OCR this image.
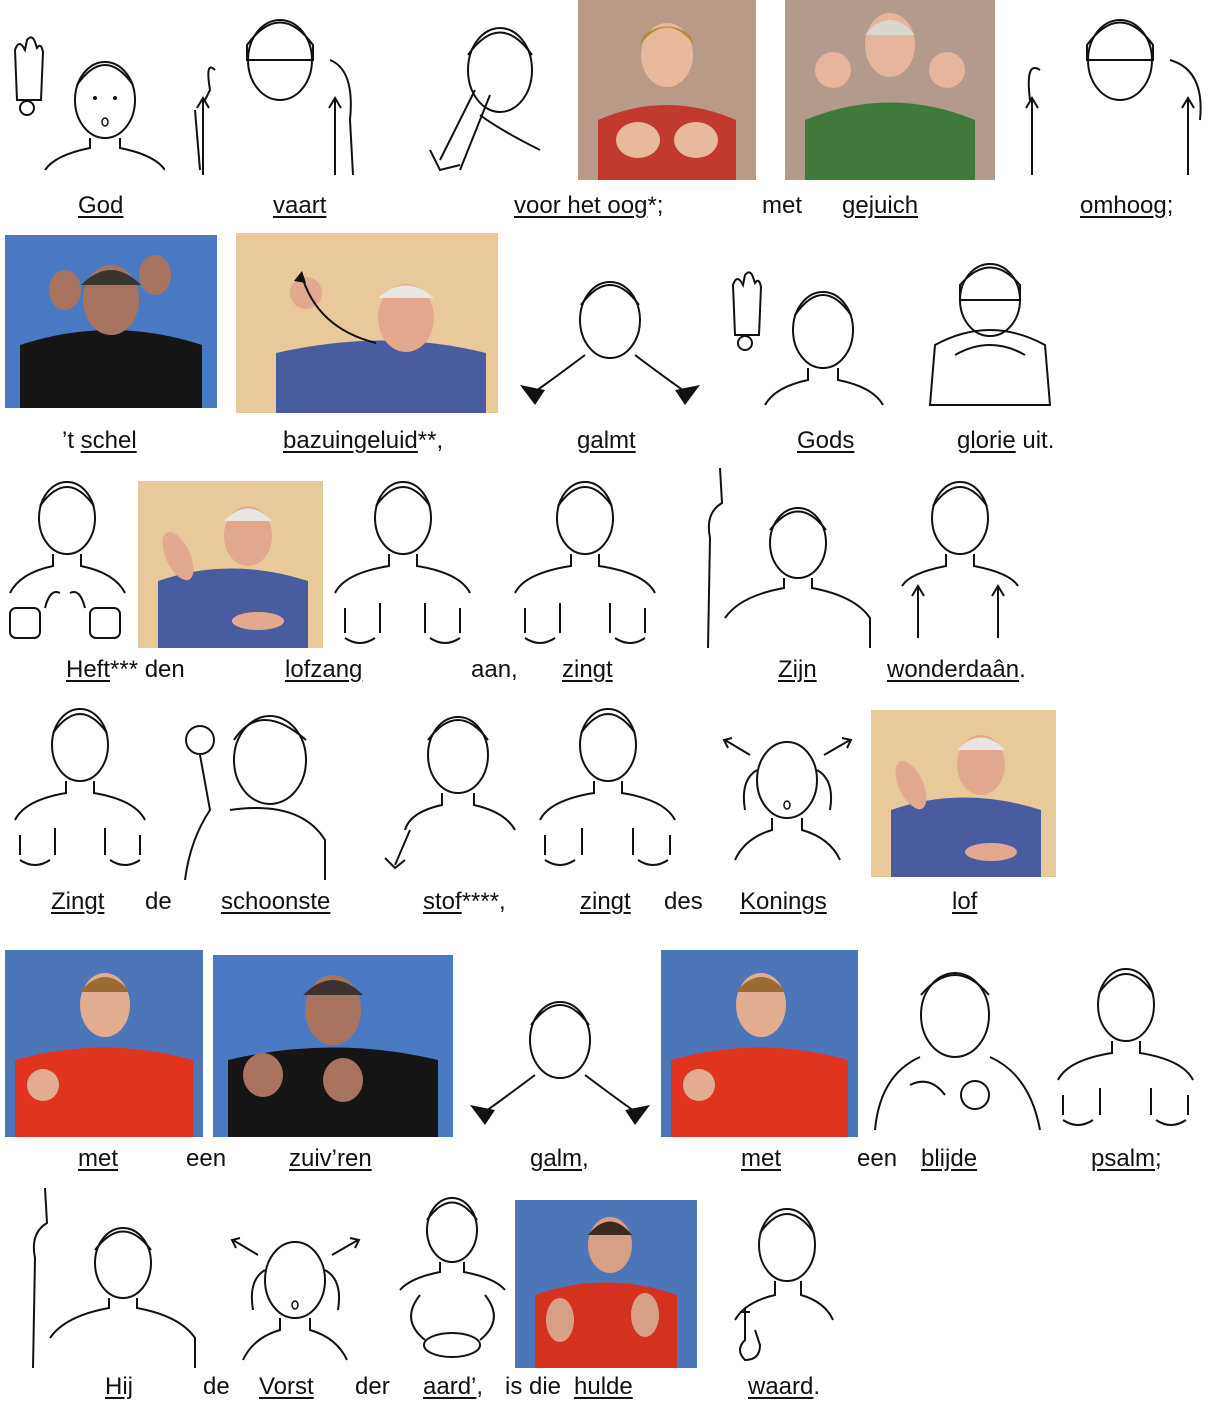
God	vaart	voor het oog*;	met gejuich	omhoog;
’t schel	bazuingeluid**,	galmt	Gods	glorie uit.
Heft*** den	lofzang	aan, zingt	Zijn	wonderdaân.
Zingt de schoonste	stof****,	zingt des Konings	lof
met	een	zuiv’ren	galm,	met	een blijde	psalm;
Hij	de Vorst der aard’, is die hulde	waard.
